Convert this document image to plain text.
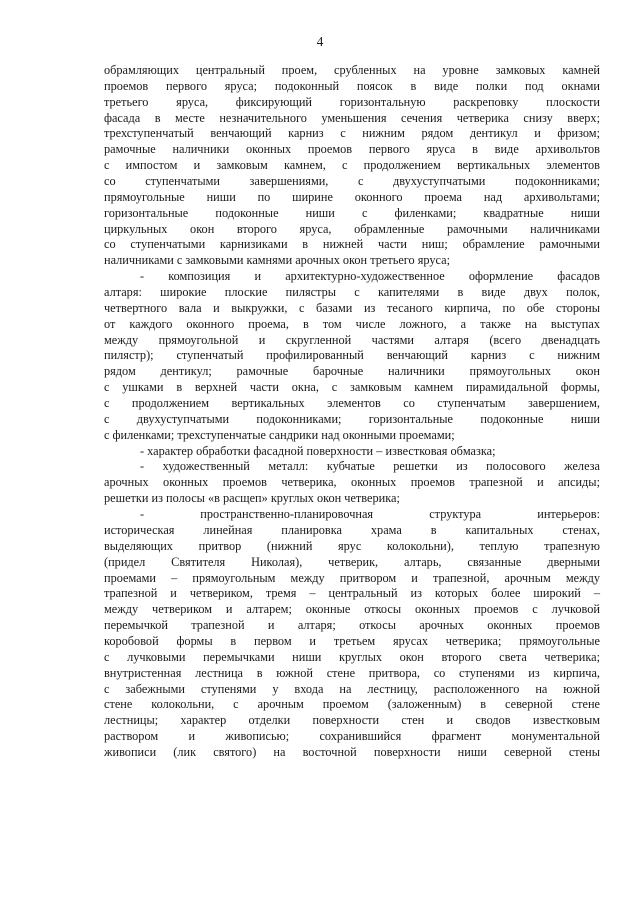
4
обрамляющих центральный проем, срубленных на уровне замковых камней
проемов первого яруса; подоконный поясок в виде полки под окнами
третьего яруса, фиксирующий горизонтальную раскреповку плоскости
фасада в месте незначительного уменьшения сечения четверика снизу вверх;
трехступенчатый венчающий карниз с нижним рядом дентикул и фризом;
рамочные наличники оконных проемов первого яруса в виде архивольтов
с импостом и замковым камнем, с продолжением вертикальных элементов
со ступенчатыми завершениями, с двухуступчатыми подоконниками;
прямоугольные ниши по ширине оконного проема над архивольтами;
горизонтальные подоконные ниши с филенками; квадратные ниши
циркульных окон второго яруса, обрамленные рамочными наличниками
со ступенчатыми карнизиками в нижней части ниш; обрамление рамочными
наличниками с замковыми камнями арочных окон третьего яруса;
- композиция и архитектурно-художественное оформление фасадов
алтаря: широкие плоские пилястры с капителями в виде двух полок,
четвертного вала и выкружки, с базами из тесаного кирпича, по обе стороны
от каждого оконного проема, в том числе ложного, а также на выступах
между прямоугольной и скругленной частями алтаря (всего двенадцать
пилястр); ступенчатый профилированный венчающий карниз с нижним
рядом дентикул; рамочные барочные наличники прямоугольных окон
с ушками в верхней части окна, с замковым камнем пирамидальной формы,
с продолжением вертикальных элементов со ступенчатым завершением,
с двухуступчатыми подоконниками; горизонтальные подоконные ниши
с филенками; трехступенчатые сандрики над оконными проемами;
- характер обработки фасадной поверхности – известковая обмазка;
- художественный металл: кубчатые решетки из полосового железа
арочных оконных проемов четверика, оконных проемов трапезной и апсиды;
решетки из полосы «в расщеп» круглых окон четверика;
- пространственно-планировочная структура интерьеров:
историческая линейная планировка храма в капитальных стенах,
выделяющих притвор (нижний ярус колокольни), теплую трапезную
(придел Святителя Николая), четверик, алтарь, связанные дверными
проемами – прямоугольным между притвором и трапезной, арочным между
трапезной и четвериком, тремя – центральный из которых более широкий –
между четвериком и алтарем; оконные откосы оконных проемов с лучковой
перемычкой трапезной и алтаря; откосы арочных оконных проемов
коробовой формы в первом и третьем ярусах четверика; прямоугольные
с лучковыми перемычками ниши круглых окон второго света четверика;
внутристенная лестница в южной стене притвора, со ступенями из кирпича,
с забежными ступенями у входа на лестницу, расположенного на южной
стене колокольни, с арочным проемом (заложенным) в северной стене
лестницы; характер отделки поверхности стен и сводов известковым
раствором и живописью; сохранившийся фрагмент монументальной
живописи (лик святого) на восточной поверхности ниши северной стены
